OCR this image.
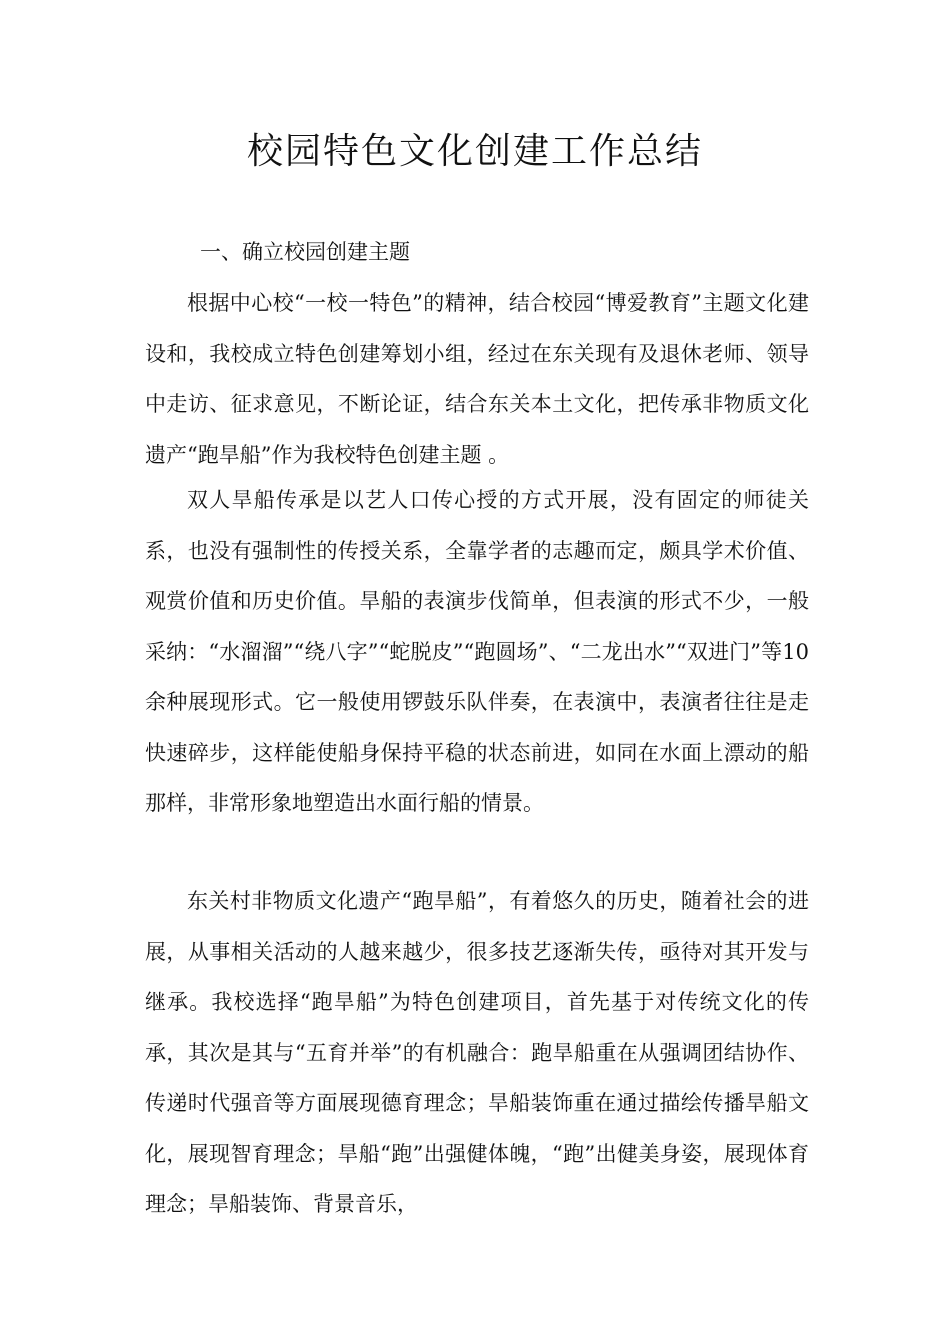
校园特色文化创建工作总结
一、确立校园创建主题

根据中心校“一校一特色”的精神，结合校园“博爱教育”主题文化建设和，我校成立特色创建筹划小组，经过在东关现有及退休老师、领导中走访、征求意见，不断论证，结合东关本土文化，把传承非物质文化遗产“跑旱船”作为我校特色创建主题 。

双人旱船传承是以艺人口传心授的方式开展，没有固定的师徒关系，也没有强制性的传授关系，全靠学者的志趣而定，颇具学术价值、观赏价值和历史价值。旱船的表演步伐简单，但表演的形式不少，一般采纳：“水溜溜”“绕八字”“蛇脱皮”“跑圆场”、“二龙出水”“双进门”等10余种展现形式。它一般使用锣鼓乐队伴奏，在表演中，表演者往往是走快速碎步，这样能使船身保持平稳的状态前进，如同在水面上漂动的船那样，非常形象地塑造出水面行船的情景。

东关村非物质文化遗产“跑旱船”，有着悠久的历史，随着社会的进展，从事相关活动的人越来越少，很多技艺逐渐失传，亟待对其开发与继承。我校选择“跑旱船”为特色创建项目，首先基于对传统文化的传承，其次是其与“五育并举”的有机融合：跑旱船重在从强调团结协作、传递时代强音等方面展现德育理念；旱船装饰重在通过描绘传播旱船文化，展现智育理念；旱船“跑”出强健体魄，“跑”出健美身姿，展现体育理念；旱船装饰、背景音乐，
